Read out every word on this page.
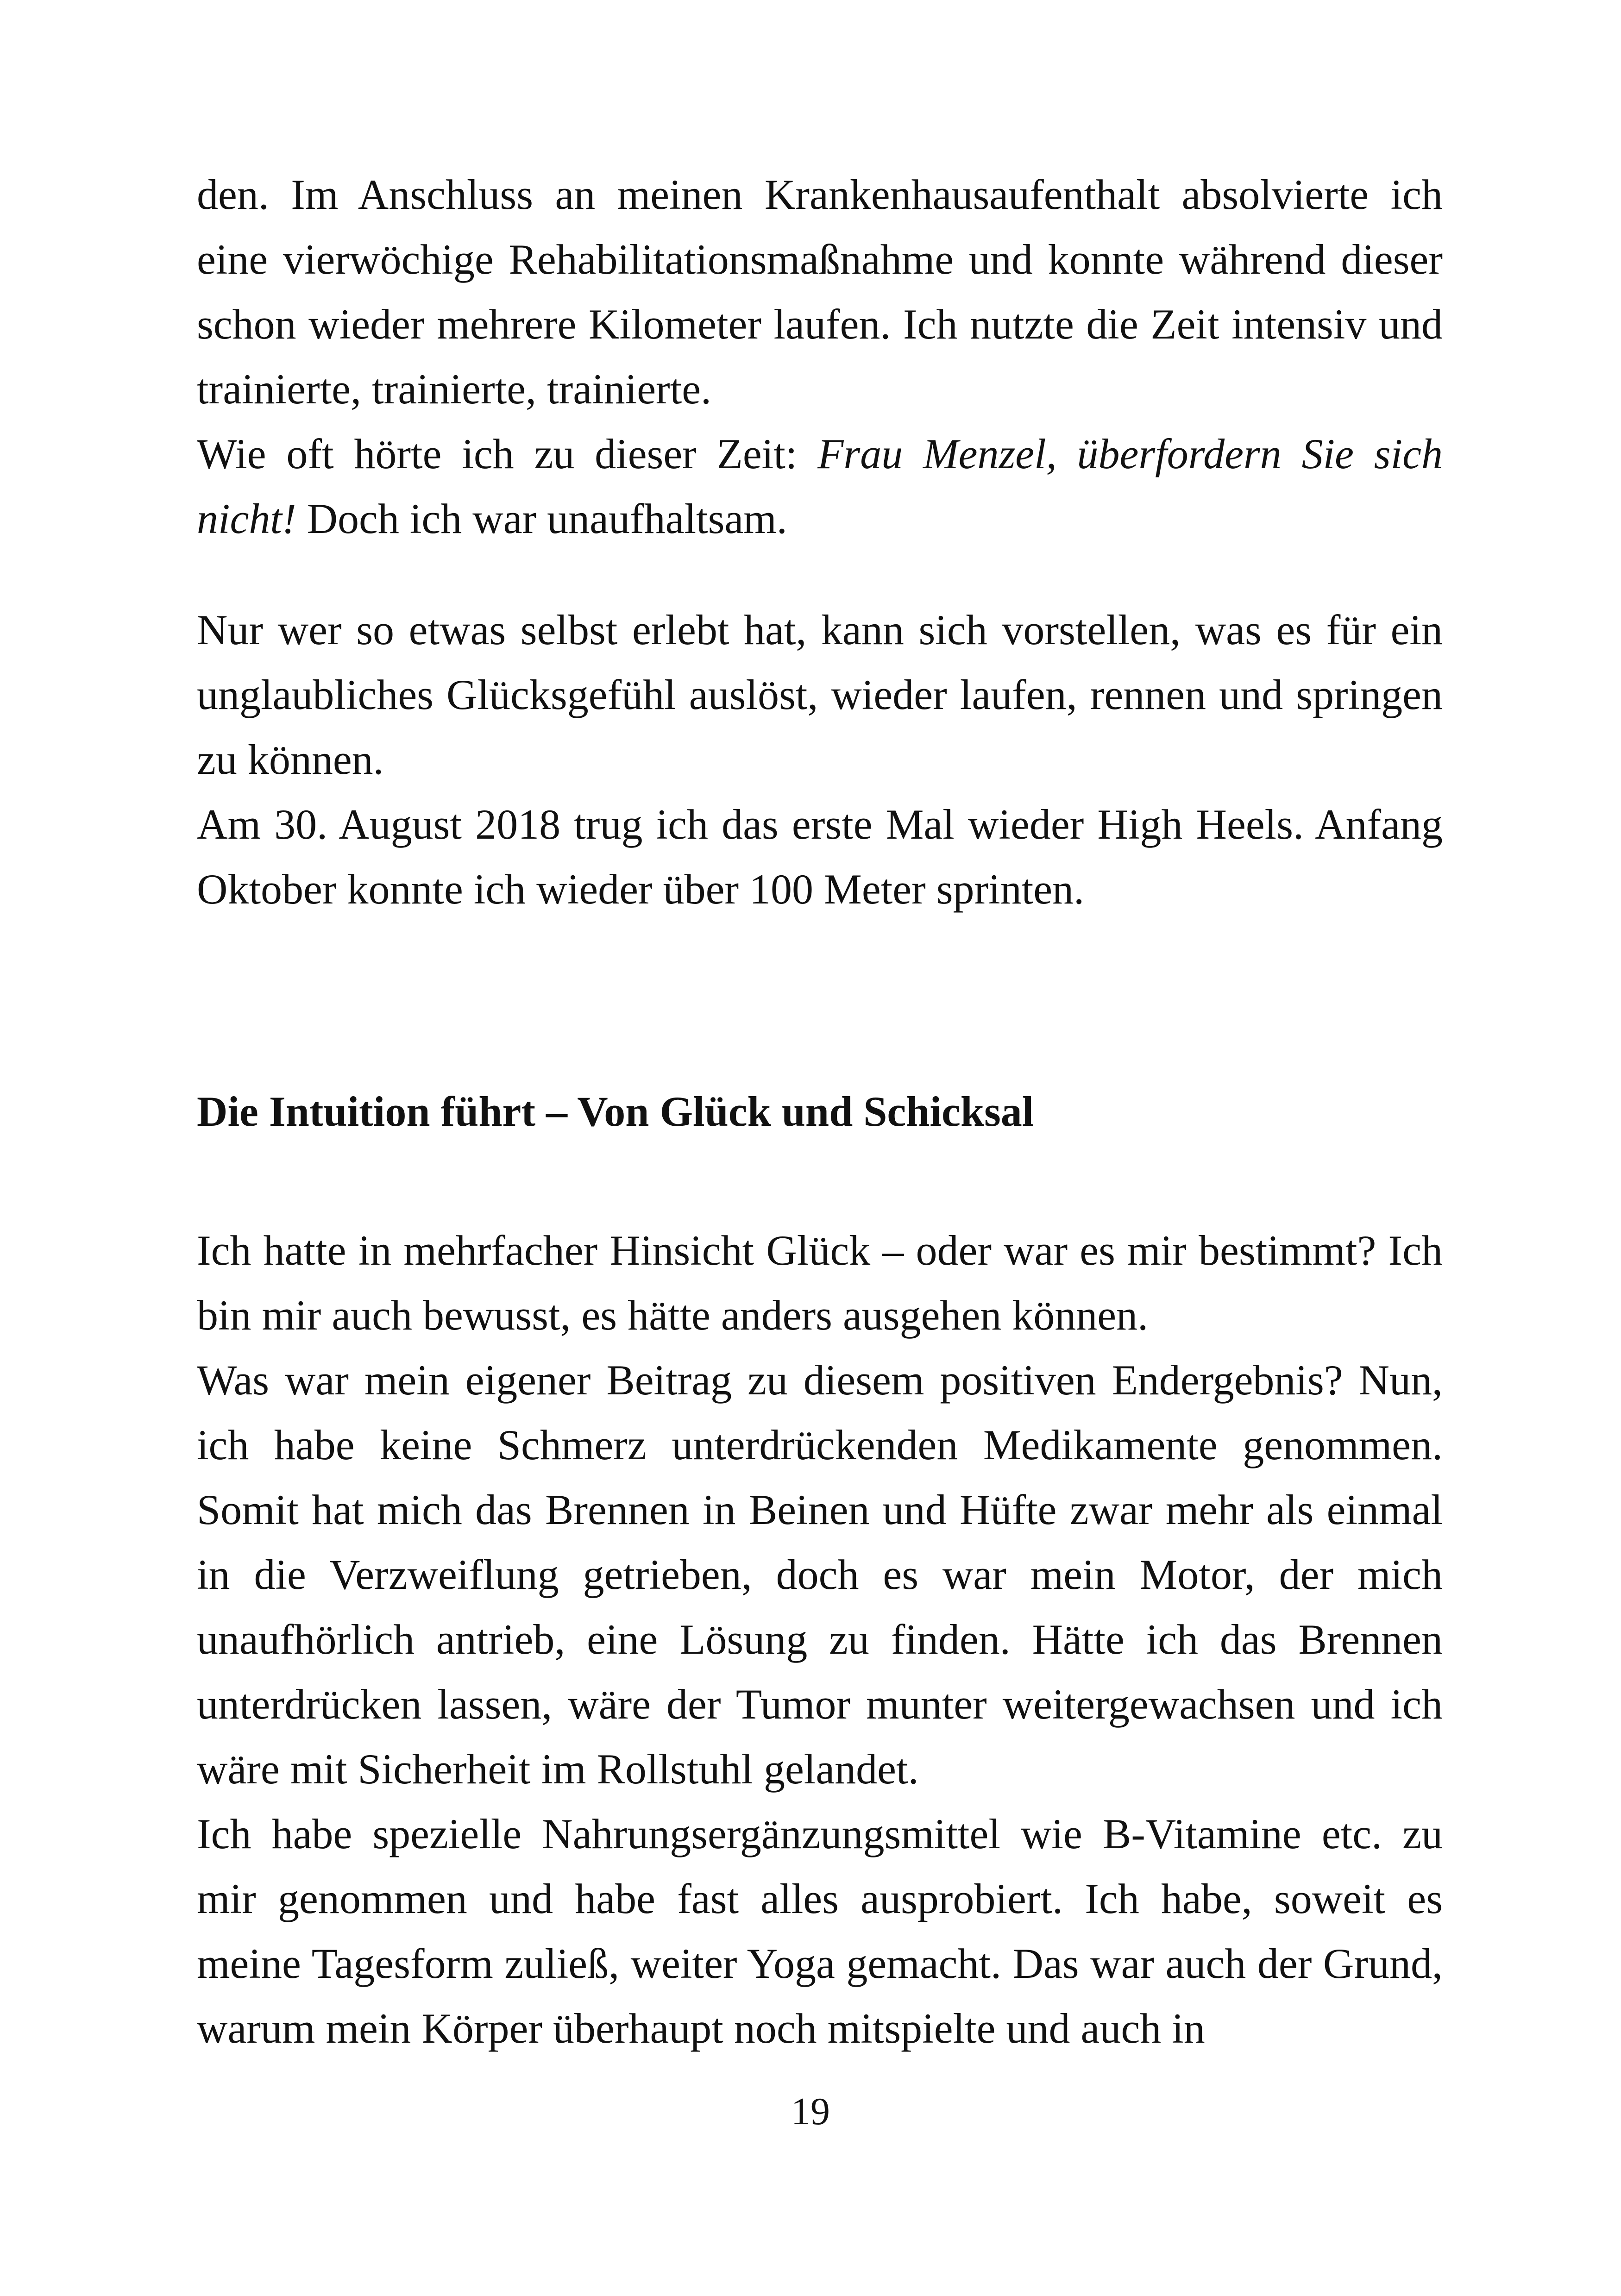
den. Im Anschluss an meinen Krankenhausaufenthalt absolvierte ich eine vierwöchige Rehabilitationsmaßnahme und konnte während dieser schon wieder mehrere Kilometer laufen. Ich nutzte die Zeit intensiv und trainierte, trainierte, trainierte.

Wie oft hörte ich zu dieser Zeit: Frau Menzel, überfordern Sie sich nicht! Doch ich war unaufhaltsam.

Nur wer so etwas selbst erlebt hat, kann sich vorstellen, was es für ein unglaubliches Glücksgefühl auslöst, wieder laufen, rennen und springen zu können.

Am 30. August 2018 trug ich das erste Mal wieder High Heels. Anfang Oktober konnte ich wieder über 100 Meter sprinten.

Die Intuition führt – Von Glück und Schicksal

Ich hatte in mehrfacher Hinsicht Glück – oder war es mir bestimmt? Ich bin mir auch bewusst, es hätte anders ausgehen können.

Was war mein eigener Beitrag zu diesem positiven Endergebnis? Nun, ich habe keine Schmerz unterdrückenden Medikamente genommen. Somit hat mich das Brennen in Beinen und Hüfte zwar mehr als einmal in die Verzweiflung getrieben, doch es war mein Motor, der mich unaufhörlich antrieb, eine Lösung zu finden. Hätte ich das Brennen unterdrücken lassen, wäre der Tumor munter weitergewachsen und ich wäre mit Sicherheit im Rollstuhl gelandet.

Ich habe spezielle Nahrungsergänzungsmittel wie B-Vitamine etc. zu mir genommen und habe fast alles ausprobiert. Ich habe, soweit es meine Tagesform zuließ, weiter Yoga gemacht. Das war auch der Grund, warum mein Körper überhaupt noch mitspielte und auch in

19
